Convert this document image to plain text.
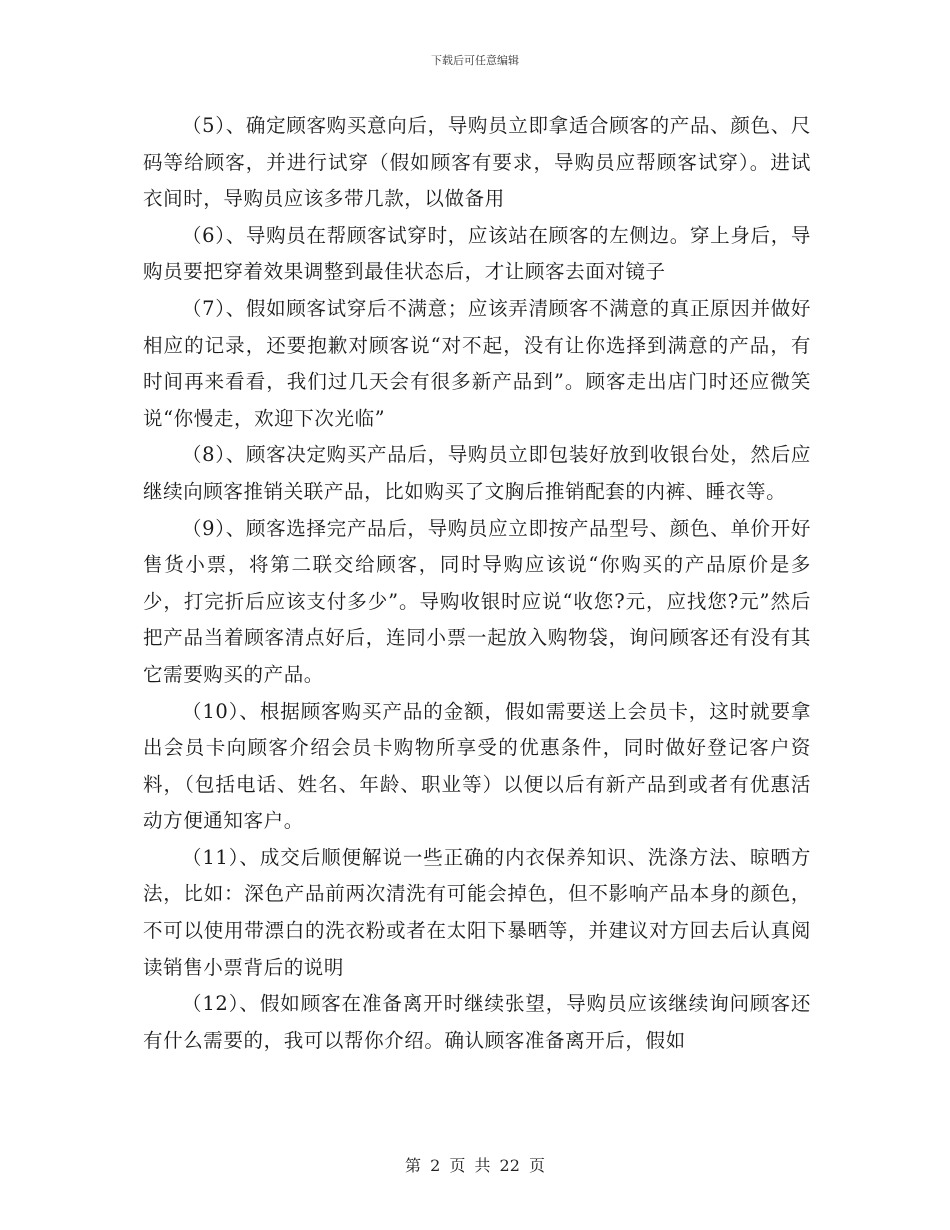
下载后可任意编辑

（5）、确定顾客购买意向后，导购员立即拿适合顾客的产品、颜色、尺码等给顾客，并进行试穿（假如顾客有要求，导购员应帮顾客试穿）。进试衣间时，导购员应该多带几款，以做备用

（6）、导购员在帮顾客试穿时，应该站在顾客的左侧边。穿上身后，导购员要把穿着效果调整到最佳状态后，才让顾客去面对镜子

（7）、假如顾客试穿后不满意；应该弄清顾客不满意的真正原因并做好相应的记录，还要抱歉对顾客说“对不起，没有让你选择到满意的产品，有时间再来看看，我们过几天会有很多新产品到”。顾客走出店门时还应微笑说“你慢走，欢迎下次光临”

（8）、顾客决定购买产品后，导购员立即包装好放到收银台处，然后应继续向顾客推销关联产品，比如购买了文胸后推销配套的内裤、睡衣等。

（9）、顾客选择完产品后，导购员应立即按产品型号、颜色、单价开好售货小票，将第二联交给顾客，同时导购应该说“你购买的产品原价是多少，打完折后应该支付多少”。导购收银时应说“收您?元，应找您?元”然后把产品当着顾客清点好后，连同小票一起放入购物袋，询问顾客还有没有其它需要购买的产品。

（10）、根据顾客购买产品的金额，假如需要送上会员卡，这时就要拿出会员卡向顾客介绍会员卡购物所享受的优惠条件，同时做好登记客户资料，（包括电话、姓名、年龄、职业等）以便以后有新产品到或者有优惠活动方便通知客户。

（11）、成交后顺便解说一些正确的内衣保养知识、洗涤方法、晾晒方法，比如：深色产品前两次清洗有可能会掉色，但不影响产品本身的颜色，不可以使用带漂白的洗衣粉或者在太阳下暴晒等，并建议对方回去后认真阅读销售小票背后的说明

（12）、假如顾客在准备离开时继续张望，导购员应该继续询问顾客还有什么需要的，我可以帮你介绍。确认顾客准备离开后，假如

第 2 页 共 22 页
